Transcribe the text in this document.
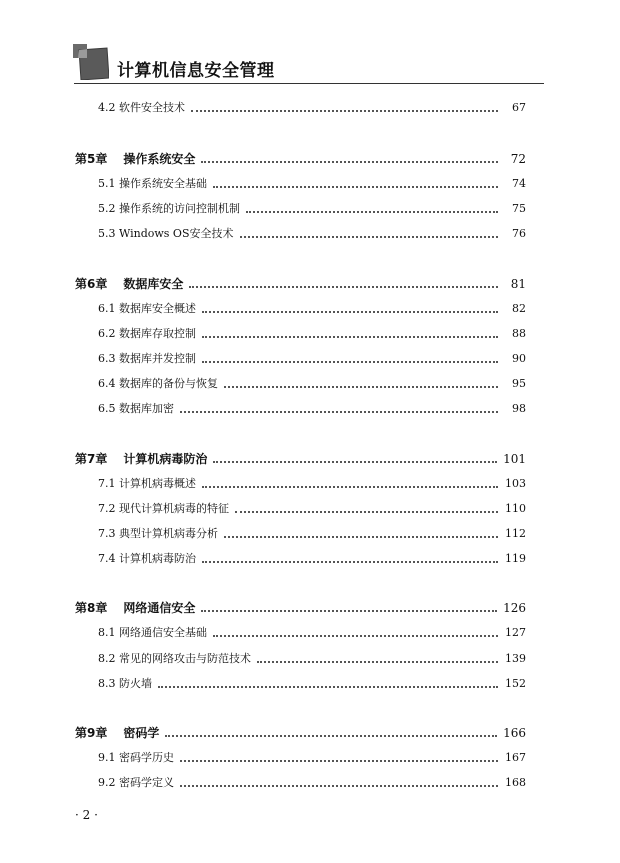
计算机信息安全管理
4.2 软件安全技术	67
第5章 操作系统安全	72
5.1 操作系统安全基础	74
5.2 操作系统的访问控制机制	75
5.3 Windows OS安全技术	76
第6章 数据库安全	81
6.1 数据库安全概述	82
6.2 数据库存取控制	88
6.3 数据库并发控制	90
6.4 数据库的备份与恢复	95
6.5 数据库加密	98
第7章 计算机病毒防治	101
7.1 计算机病毒概述	103
7.2 现代计算机病毒的特征	110
7.3 典型计算机病毒分析	112
7.4 计算机病毒防治	119
第8章 网络通信安全	126
8.1 网络通信安全基础	127
8.2 常见的网络攻击与防范技术	139
8.3 防火墙	152
第9章 密码学	166
9.1 密码学历史	167
9.2 密码学定义	168
· 2 ·
